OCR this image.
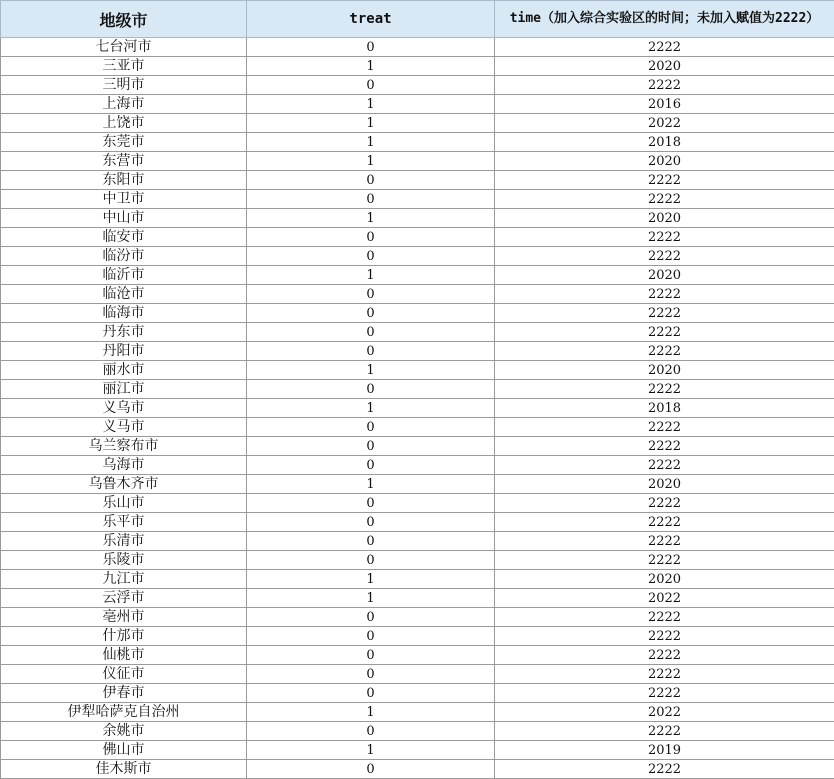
地级市	treat	time（加入综合实验区的时间；未加入赋值为2222）
七台河市	0	2222
三亚市	1	2020
三明市	0	2222
上海市	1	2016
上饶市	1	2022
东莞市	1	2018
东营市	1	2020
东阳市	0	2222
中卫市	0	2222
中山市	1	2020
临安市	0	2222
临汾市	0	2222
临沂市	1	2020
临沧市	0	2222
临海市	0	2222
丹东市	0	2222
丹阳市	0	2222
丽水市	1	2020
丽江市	0	2222
义乌市	1	2018
义马市	0	2222
乌兰察布市	0	2222
乌海市	0	2222
乌鲁木齐市	1	2020
乐山市	0	2222
乐平市	0	2222
乐清市	0	2222
乐陵市	0	2222
九江市	1	2020
云浮市	1	2022
亳州市	0	2222
什邡市	0	2222
仙桃市	0	2222
仪征市	0	2222
伊春市	0	2222
伊犁哈萨克自治州	1	2022
余姚市	0	2222
佛山市	1	2019
佳木斯市	0	2222
